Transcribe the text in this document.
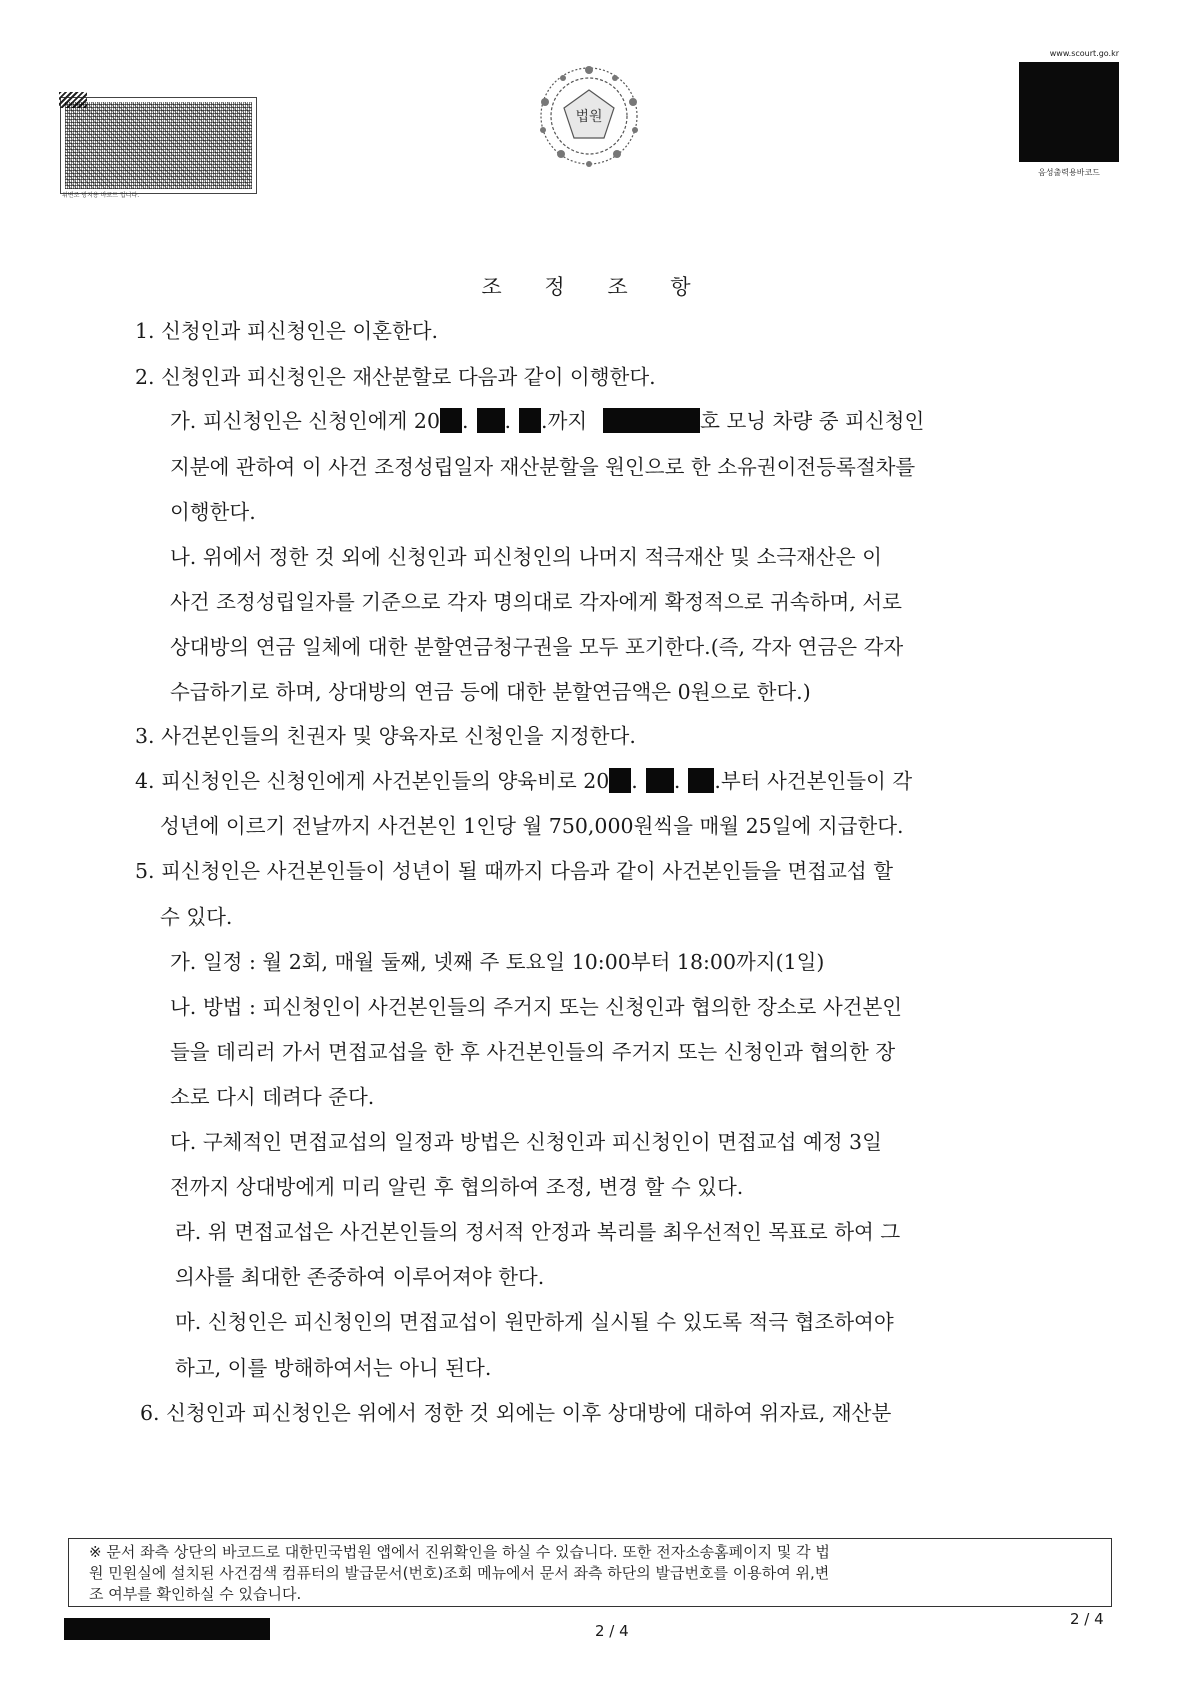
위변조 방지용 바코드 입니다.
법원
www.scourt.go.kr
음성출력용바코드
조 정 조 항
1. 신청인과 피신청인은 이혼한다.
2. 신청인과 피신청인은 재산분할로 다음과 같이 이행한다.
가. 피신청인은 신청인에게 20 . . .까지	호 모닝 차량 중 피신청인
지분에 관하여 이 사건 조정성립일자 재산분할을 원인으로 한 소유권이전등록절차를
이행한다.
나. 위에서 정한 것 외에 신청인과 피신청인의 나머지 적극재산 및 소극재산은 이
사건 조정성립일자를 기준으로 각자 명의대로 각자에게 확정적으로 귀속하며, 서로
상대방의 연금 일체에 대한 분할연금청구권을 모두 포기한다.(즉, 각자 연금은 각자
수급하기로 하며, 상대방의 연금 등에 대한 분할연금액은 0원으로 한다.)
3. 사건본인들의 친권자 및 양육자로 신청인을 지정한다.
4. 피신청인은 신청인에게 사건본인들의 양육비로 20 . . .부터 사건본인들이 각
성년에 이르기 전날까지 사건본인 1인당 월 750,000원씩을 매월 25일에 지급한다.
5. 피신청인은 사건본인들이 성년이 될 때까지 다음과 같이 사건본인들을 면접교섭 할
수 있다.
가. 일정 : 월 2회, 매월 둘째, 넷째 주 토요일 10:00부터 18:00까지(1일)
나. 방법 : 피신청인이 사건본인들의 주거지 또는 신청인과 협의한 장소로 사건본인
들을 데리러 가서 면접교섭을 한 후 사건본인들의 주거지 또는 신청인과 협의한 장
소로 다시 데려다 준다.
다. 구체적인 면접교섭의 일정과 방법은 신청인과 피신청인이 면접교섭 예정 3일
전까지 상대방에게 미리 알린 후 협의하여 조정, 변경 할 수 있다.
라. 위 면접교섭은 사건본인들의 정서적 안정과 복리를 최우선적인 목표로 하여 그
의사를 최대한 존중하여 이루어져야 한다.
마. 신청인은 피신청인의 면접교섭이 원만하게 실시될 수 있도록 적극 협조하여야
하고, 이를 방해하여서는 아니 된다.
6. 신청인과 피신청인은 위에서 정한 것 외에는 이후 상대방에 대하여 위자료, 재산분
※ 문서 좌측 상단의 바코드로 대한민국법원 앱에서 진위확인을 하실 수 있습니다. 또한 전자소송홈페이지 및 각 법
원 민원실에 설치된 사건검색 컴퓨터의 발급문서(번호)조회 메뉴에서 문서 좌측 하단의 발급번호를 이용하여 위,변
조 여부를 확인하실 수 있습니다.
2 / 4
2 / 4
